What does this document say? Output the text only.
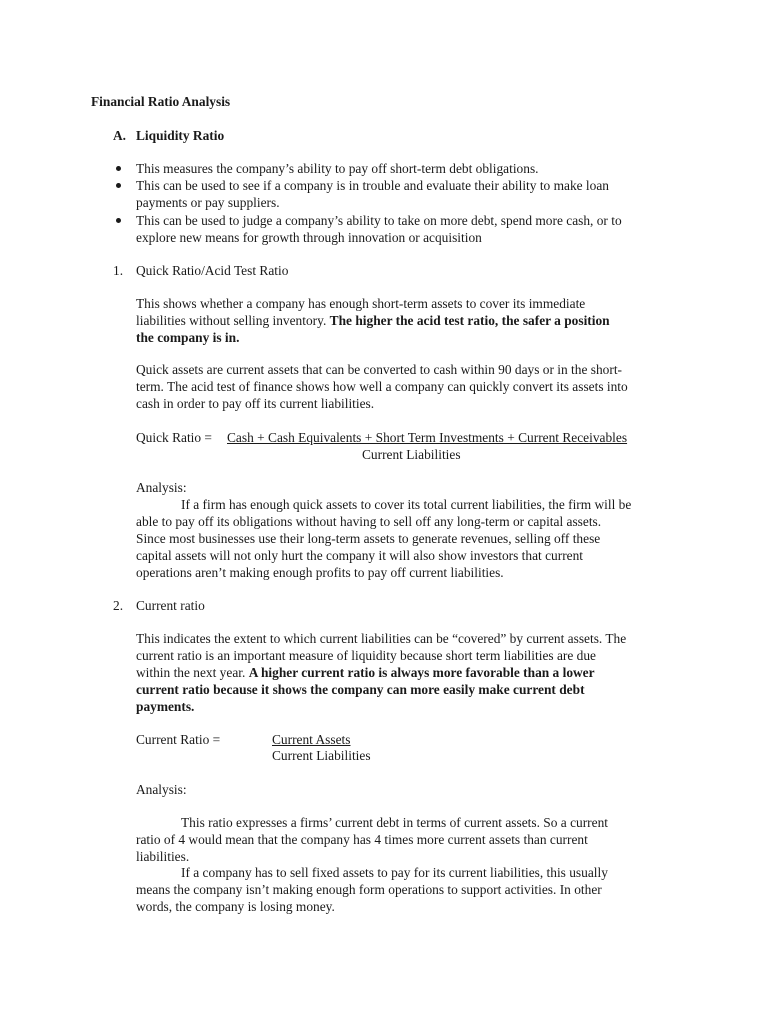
Financial Ratio Analysis
A. Liquidity Ratio
This measures the company’s ability to pay off short-term debt obligations.
This can be used to see if a company is in trouble and evaluate their ability to make loan
payments or pay suppliers.
This can be used to judge a company’s ability to take on more debt, spend more cash, or to
explore new means for growth through innovation or acquisition
1. Quick Ratio/Acid Test Ratio
This shows whether a company has enough short-term assets to cover its immediate
liabilities without selling inventory. The higher the acid test ratio, the safer a position
the company is in.
Quick assets are current assets that can be converted to cash within 90 days or in the short-
term. The acid test of finance shows how well a company can quickly convert its assets into
cash in order to pay off its current liabilities.
Quick Ratio = Cash + Cash Equivalents + Short Term Investments + Current Receivables
Current Liabilities
Analysis:
If a firm has enough quick assets to cover its total current liabilities, the firm will be
able to pay off its obligations without having to sell off any long-term or capital assets.
Since most businesses use their long-term assets to generate revenues, selling off these
capital assets will not only hurt the company it will also show investors that current
operations aren’t making enough profits to pay off current liabilities.
2. Current ratio
This indicates the extent to which current liabilities can be “covered” by current assets. The
current ratio is an important measure of liquidity because short term liabilities are due
within the next year. A higher current ratio is always more favorable than a lower
current ratio because it shows the company can more easily make current debt
payments.
Current Ratio =	Current Assets
Current Liabilities
Analysis:
This ratio expresses a firms’ current debt in terms of current assets. So a current
ratio of 4 would mean that the company has 4 times more current assets than current
liabilities.
If a company has to sell fixed assets to pay for its current liabilities, this usually
means the company isn’t making enough form operations to support activities. In other
words, the company is losing money.
